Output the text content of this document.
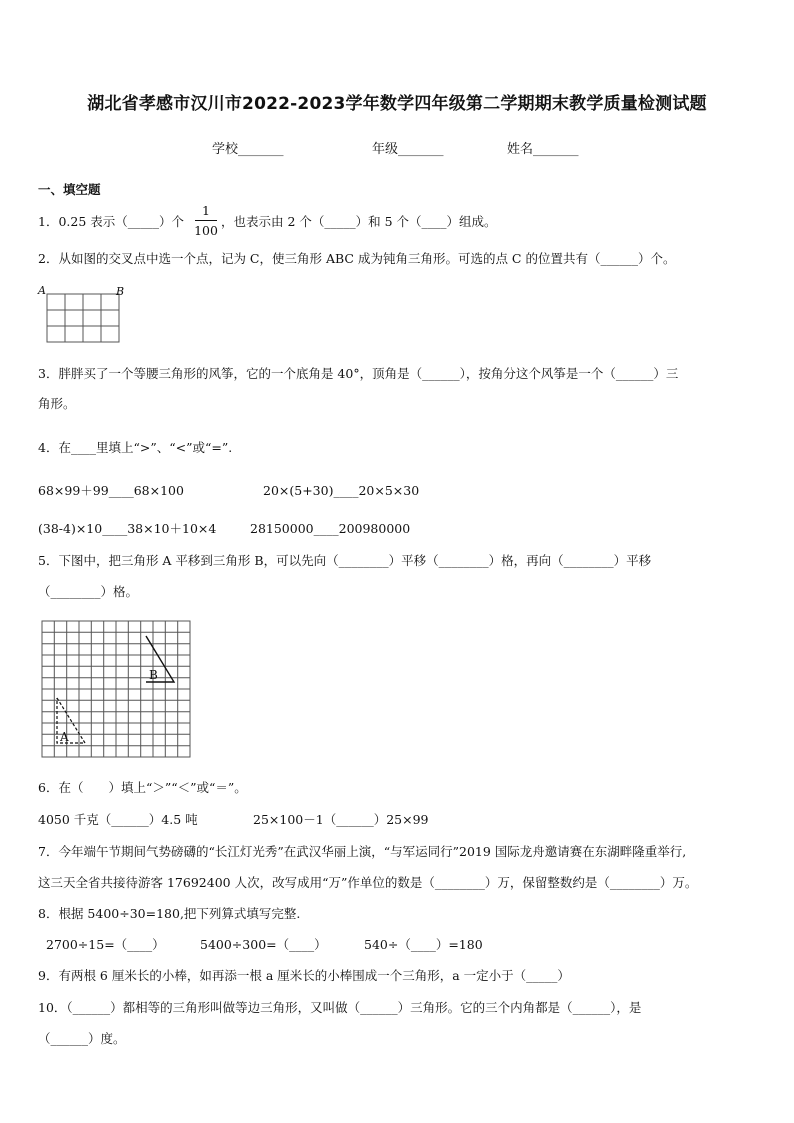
湖北省孝感市汉川市2022-2023学年数学四年级第二学期期末教学质量检测试题
学校_______	年级_______	姓名_______
一、填空题
1．0.25 表示（_____）个
1
100
，也表示由 2 个（_____）和 5 个（____）组成。
2．从如图的交叉点中选一个点，记为 C，使三角形 ABC 成为钝角三角形。可选的点 C 的位置共有（______）个。
A	B
3．胖胖买了一个等腰三角形的风筝，它的一个底角是 40°，顶角是（______），按角分这个风筝是一个（______）三
角形。
4．在____里填上“>”、“<”或“=”.
68×99＋99____68×100	20×(5+30)____20×5×30
(38-4)×10____38×10＋10×4	28150000____200980000
5．下图中，把三角形 A 平移到三角形 B，可以先向（________）平移（________）格，再向（________）平移
（________）格。
B
A
6．在（　　）填上“＞”“＜”或“＝”。
4050 千克（______）4.5 吨	25×100－1（______）25×99
7．今年端午节期间气势磅礴的“长江灯光秀”在武汉华丽上演，“与军运同行”2019 国际龙舟邀请赛在东湖畔隆重举行,
这三天全省共接待游客 17692400 人次，改写成用“万”作单位的数是（________）万，保留整数约是（________）万。
8．根据 5400÷30=180,把下列算式填写完整.
2700÷15=（____）	5400÷300=（____）	540÷（____）=180
9．有两根 6 厘米长的小棒，如再添一根 a 厘米长的小棒围成一个三角形，a 一定小于（_____）
10．（______）都相等的三角形叫做等边三角形，又叫做（______）三角形。它的三个内角都是（______），是
（______）度。
